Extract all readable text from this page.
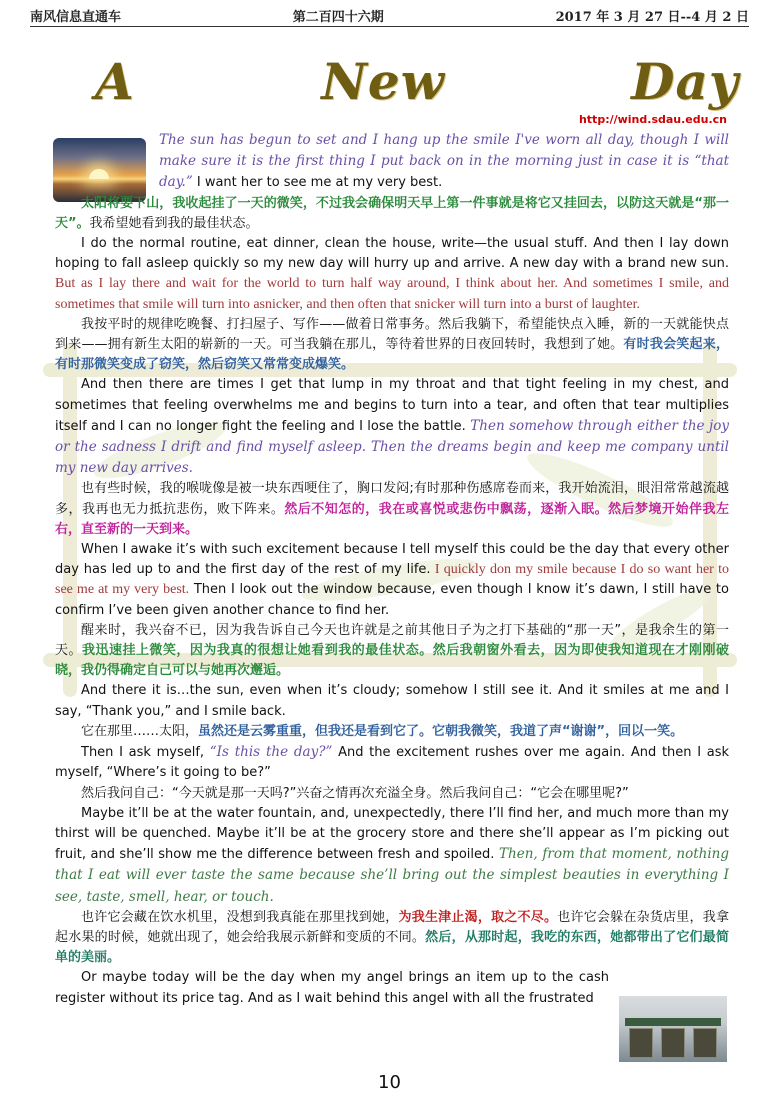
南风信息直通车	第二百四十六期	2017 年 3 月 27 日--4 月 2 日
A	New	Day
http://wind.sdau.edu.cn

The sun has begun to set and I hang up the smile I've worn all day, though I will make sure it is the first thing I put back on in the morning just in case it is “that day.” I want her to see me at my very best.

太阳将要下山，我收起挂了一天的微笑，不过我会确保明天早上第一件事就是将它又挂回去，以防这天就是“那一天”。我希望她看到我的最佳状态。

I do the normal routine, eat dinner, clean the house, write—the usual stuff. And then I lay down hoping to fall asleep quickly so my new day will hurry up and arrive. A new day with a brand new sun. But as I lay there and wait for the world to turn half way around, I think about her. And sometimes I smile, and sometimes that smile will turn into asnicker, and then often that snicker will turn into a burst of laughter.

我按平时的规律吃晚餐、打扫屋子、写作——做着日常事务。然后我躺下，希望能快点入睡，新的一天就能快点到来——拥有新生太阳的崭新的一天。可当我躺在那儿，等待着世界的日夜回转时，我想到了她。有时我会笑起来，有时那微笑变成了窃笑，然后窃笑又常常变成爆笑。

And then there are times I get that lump in my throat and that tight feeling in my chest, and sometimes that feeling overwhelms me and begins to turn into a tear, and often that tear multiplies itself and I can no longer fight the feeling and I lose the battle. Then somehow through either the joy or the sadness I drift and find myself asleep. Then the dreams begin and keep me company until my new day arrives.

也有些时候，我的喉咙像是被一块东西哽住了，胸口发闷;有时那种伤感席卷而来，我开始流泪，眼泪常常越流越多，我再也无力抵抗悲伤，败下阵来。然后不知怎的，我在或喜悦或悲伤中飘荡，逐渐入眠。然后梦境开始伴我左右，直至新的一天到来。

When I awake it’s with such excitement because I tell myself this could be the day that every other day has led up to and the first day of the rest of my life. I quickly don my smile because I do so want her to see me at my very best. Then I look out the window because, even though I know it’s dawn, I still have to confirm I’ve been given another chance to find her.

醒来时，我兴奋不已，因为我告诉自己今天也许就是之前其他日子为之打下基础的“那一天”，是我余生的第一天。我迅速挂上微笑，因为我真的很想让她看到我的最佳状态。然后我朝窗外看去，因为即使我知道现在才刚刚破晓，我仍得确定自己可以与她再次邂逅。

And there it is…the sun, even when it’s cloudy; somehow I still see it. And it smiles at me and I say, “Thank you,” and I smile back.

它在那里……太阳，虽然还是云雾重重，但我还是看到它了。它朝我微笑，我道了声“谢谢”，回以一笑。

Then I ask myself, “Is this the day?” And the excitement rushes over me again. And then I ask myself, “Where’s it going to be?”

然后我问自己：“今天就是那一天吗?”兴奋之情再次充溢全身。然后我问自己：“它会在哪里呢?”

Maybe it’ll be at the water fountain, and, unexpectedly, there I’ll find her, and much more than my thirst will be quenched. Maybe it’ll be at the grocery store and there she’ll appear as I’m picking out fruit, and she’ll show me the difference between fresh and spoiled. Then, from that moment, nothing that I eat will ever taste the same because she’ll bring out the simplest beauties in everything I see, taste, smell, hear, or touch.

也许它会藏在饮水机里，没想到我真能在那里找到她，为我生津止渴，取之不尽。也许它会躲在杂货店里，我拿起水果的时候，她就出现了，她会给我展示新鲜和变质的不同。然后，从那时起，我吃的东西，她都带出了它们最简单的美丽。

Or maybe today will be the day when my angel brings an item up to the cash register without its price tag. And as I wait behind this angel with all the frustrated

10
